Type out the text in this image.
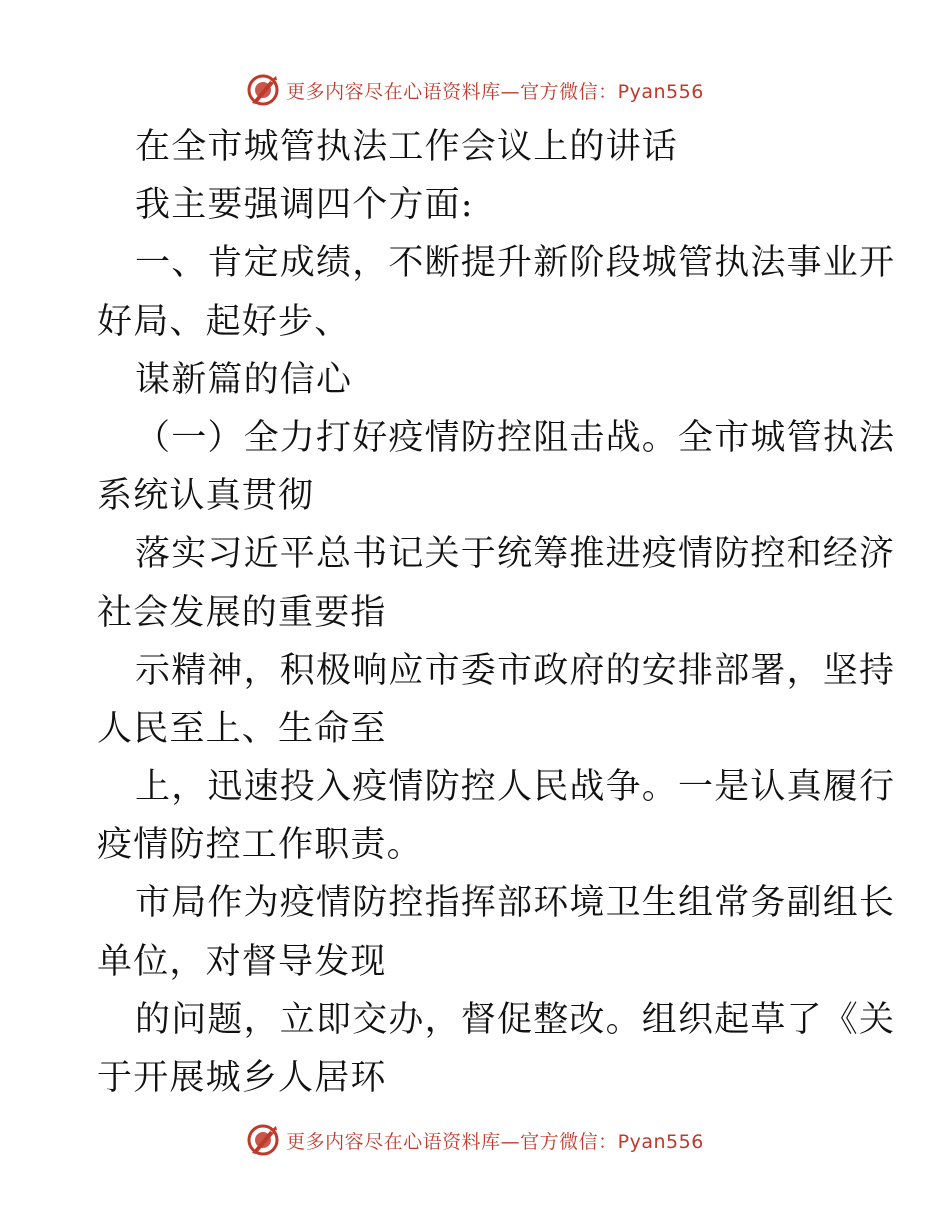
更多内容尽在心语资料库—官方微信：Pyan556
在全市城管执法工作会议上的讲话
我主要强调四个方面:
一、肯定成绩，不断提升新阶段城管执法事业开
好局、起好步、
谋新篇的信心
（一）全力打好疫情防控阻击战。全市城管执法
系统认真贯彻
落实习近平总书记关于统筹推进疫情防控和经济
社会发展的重要指
示精神，积极响应市委市政府的安排部署，坚持
人民至上、生命至
上，迅速投入疫情防控人民战争。一是认真履行
疫情防控工作职责。
市局作为疫情防控指挥部环境卫生组常务副组长
单位，对督导发现
的问题，立即交办，督促整改。组织起草了《关
于开展城乡人居环
更多内容尽在心语资料库—官方微信：Pyan556
